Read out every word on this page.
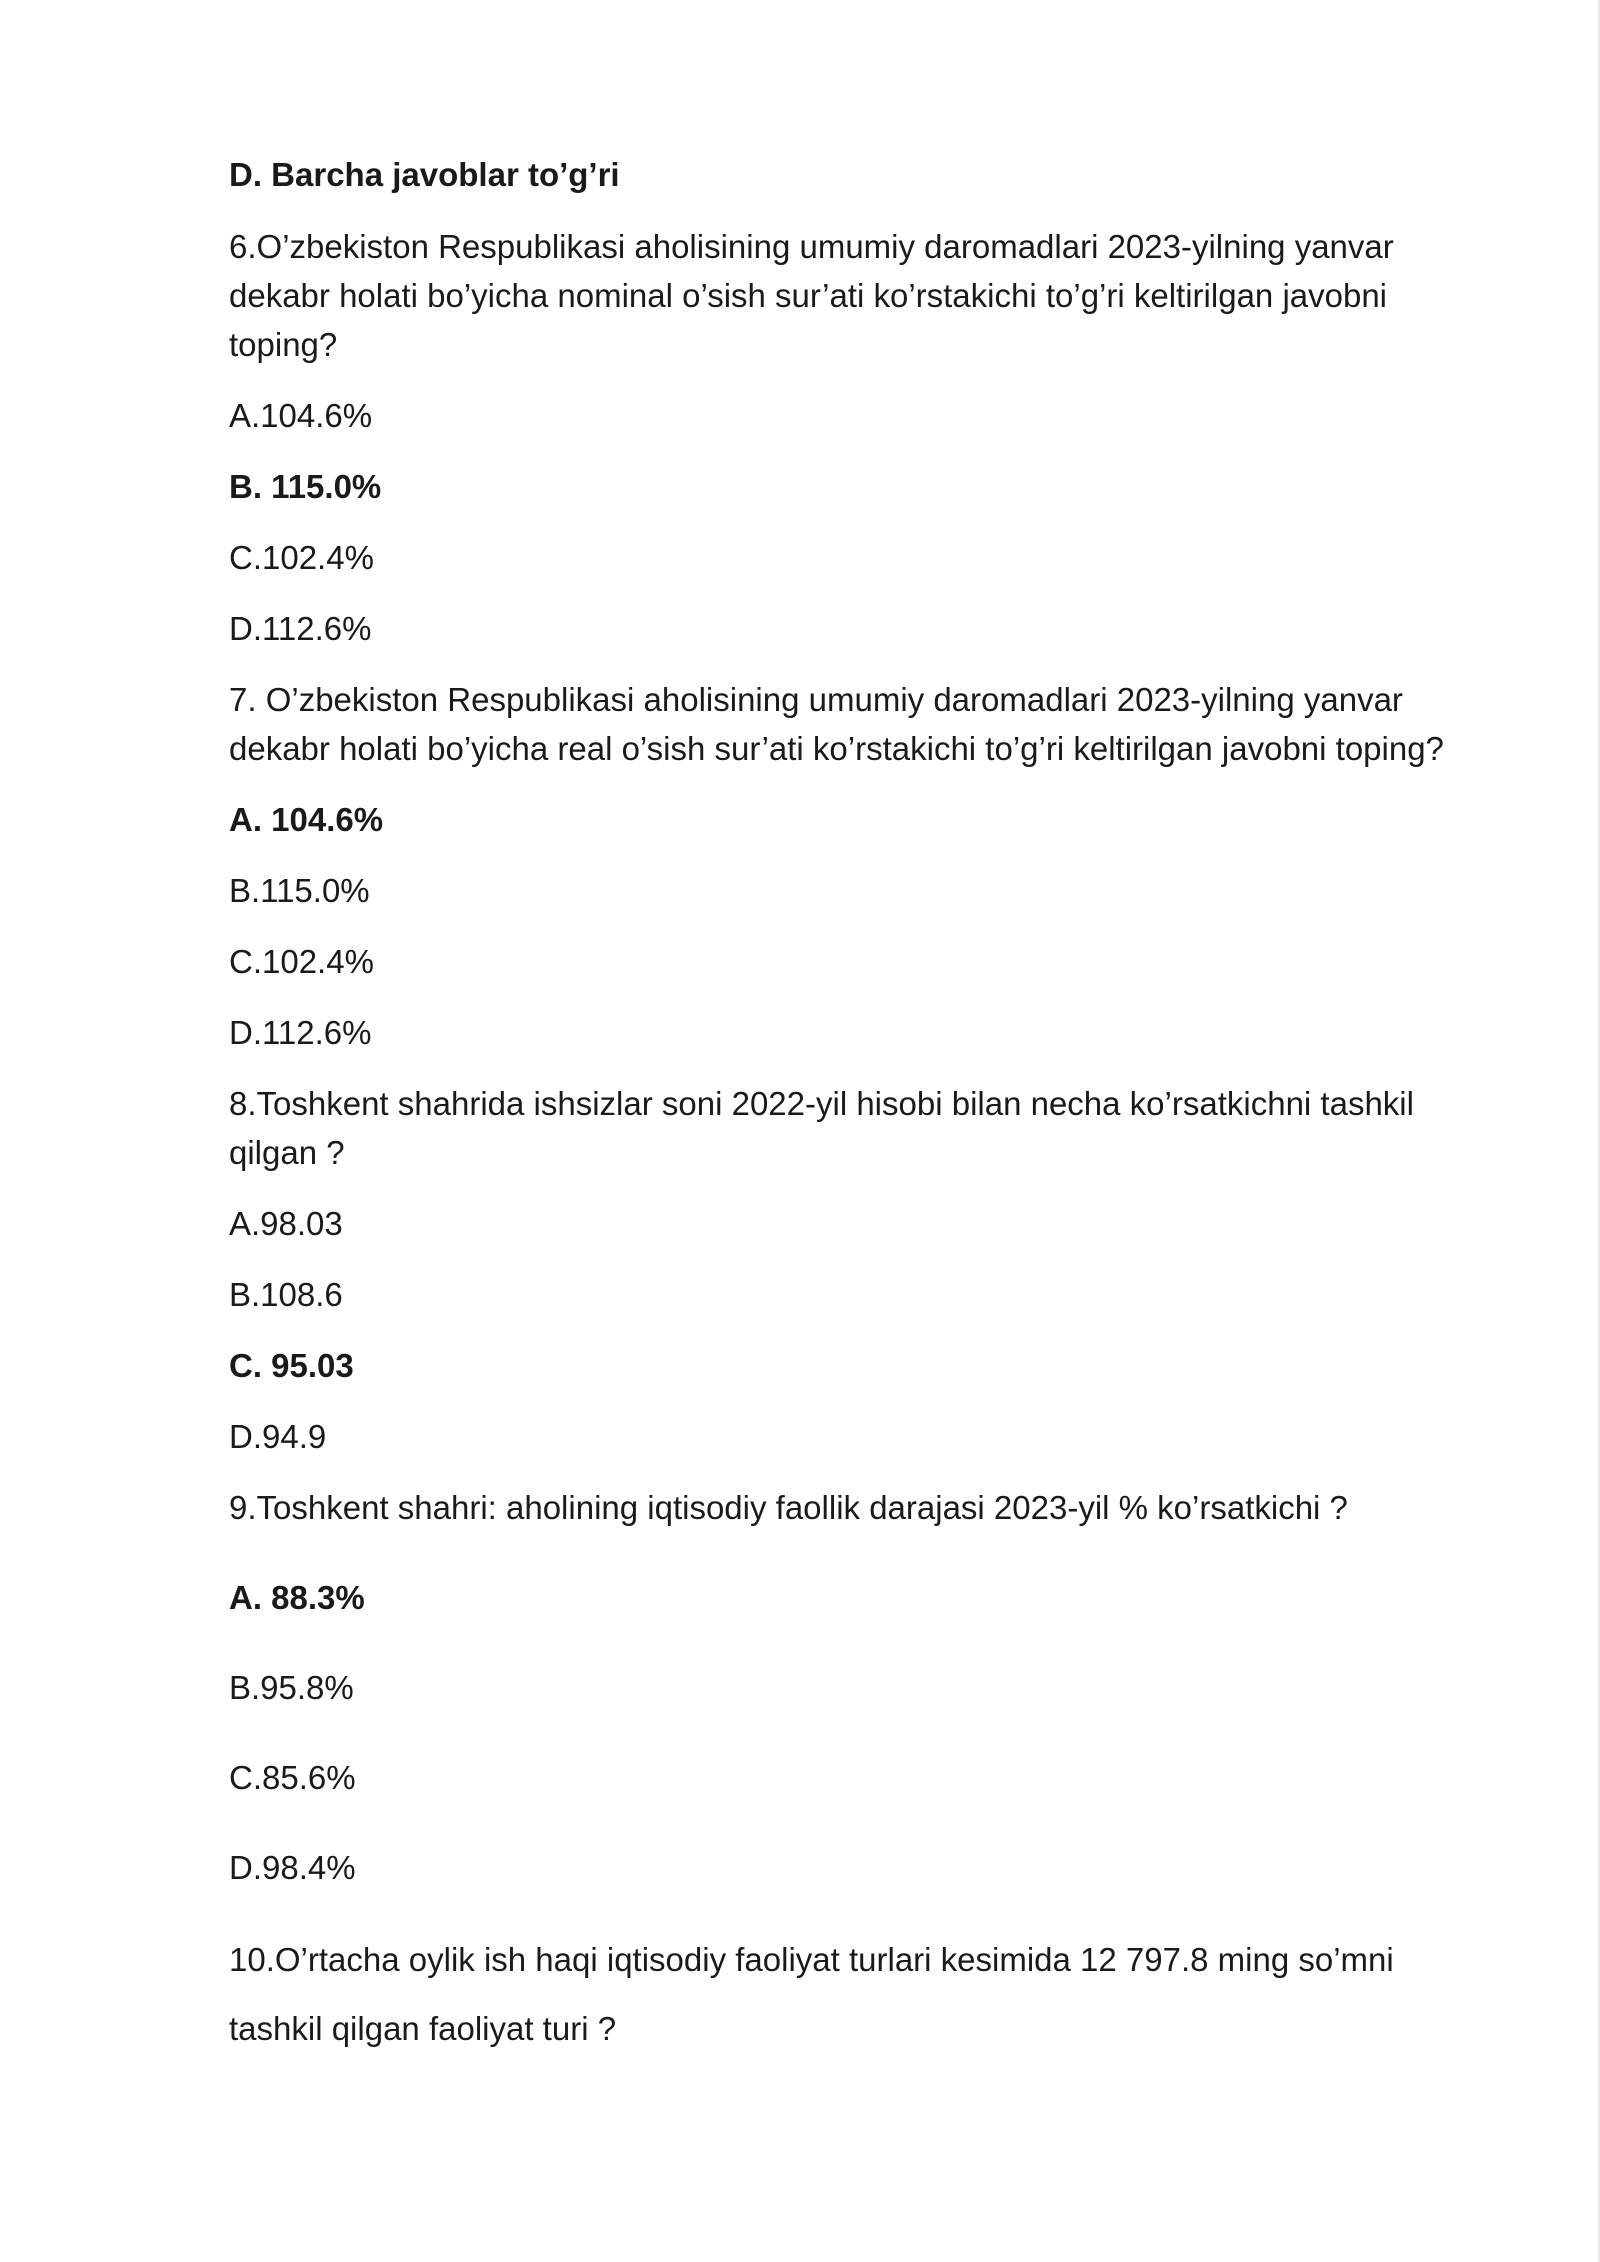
D. Barcha javoblar to’g’ri

6.O’zbekiston Respublikasi aholisining umumiy daromadlari 2023-yilning yanvar dekabr holati bo’yicha nominal o’sish sur’ati ko’rstakichi to’g’ri keltirilgan javobni toping?

A.104.6%

B. 115.0%

C.102.4%

D.112.6%

7. O’zbekiston Respublikasi aholisining umumiy daromadlari 2023-yilning yanvar dekabr holati bo’yicha real o’sish sur’ati ko’rstakichi to’g’ri keltirilgan javobni toping?

A. 104.6%

B.115.0%

C.102.4%

D.112.6%

8.Toshkent shahrida ishsizlar soni 2022-yil hisobi bilan necha ko’rsatkichni tashkil qilgan ?

A.98.03

B.108.6

C. 95.03

D.94.9

9.Toshkent shahri: aholining iqtisodiy faollik darajasi 2023-yil % ko’rsatkichi ?

A. 88.3%

B.95.8%

C.85.6%

D.98.4%

10.O’rtacha oylik ish haqi iqtisodiy faoliyat turlari kesimida 12 797.8 ming so’mni

tashkil qilgan faoliyat turi ?
